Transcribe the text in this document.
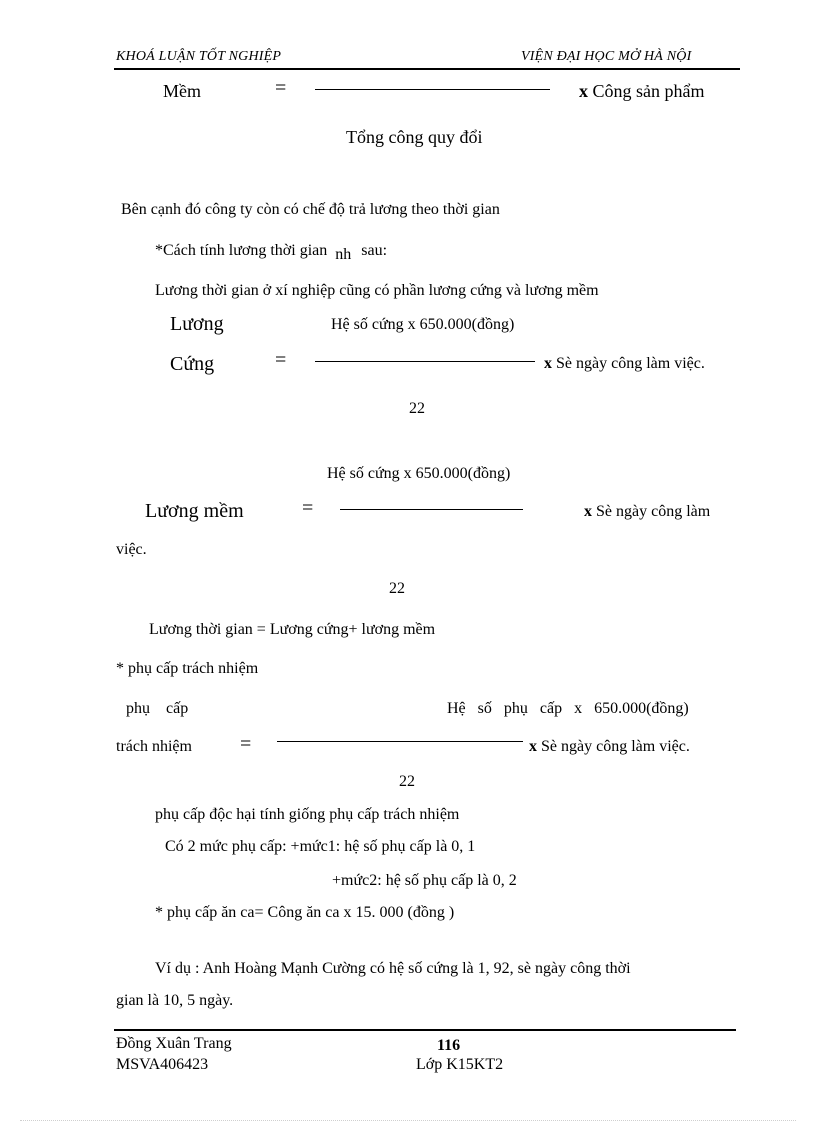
KHOÁ LUẬN TỐT NGHIỆP	VIỆN ĐẠI HỌC MỞ HÀ NỘI
Mềm	=	x Công sản phẩm
Tổng công quy đổi
Bên cạnh đó công ty còn có chế độ trả lương theo thời gian
*Cách tính lương thời gian nh sau:
Lương thời gian ở xí nghiệp cũng có phần lương cứng và lương mềm
Lương	Hệ số cứng x 650.000(đồng)
Cứng	=	x Sè ngày công làm việc.
22
Hệ số cứng x 650.000(đồng)
Lương mềm	=	x Sè ngày công làm
việc.
22
Lương thời gian = Lương cứng+ lương mềm
* phụ cấp trách nhiệm
phụ    cấp	Hệ   số   phụ   cấp   x   650.000(đồng)
trách nhiệm =	x Sè ngày công làm việc.
22
phụ cấp độc hại tính giống phụ cấp trách nhiệm
Có 2 mức phụ cấp: +mức1: hệ số phụ cấp là 0, 1
+mức2: hệ số phụ cấp là 0, 2
* phụ cấp ăn ca= Công ăn ca x 15. 000 (đồng )
Ví dụ : Anh Hoàng Mạnh Cường có hệ số cứng là 1, 92, sè ngày công thời
gian là 10, 5 ngày.
Đồng Xuân Trang	116
MSVA406423	Lớp K15KT2
